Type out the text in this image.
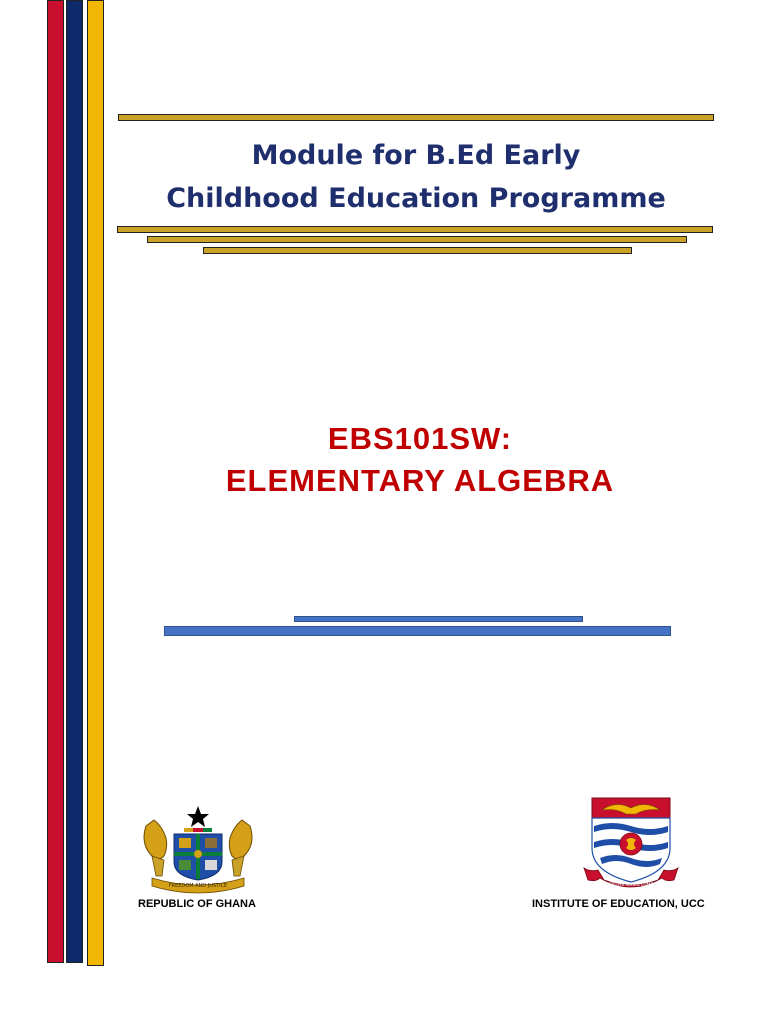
Module for B.Ed Early
Childhood Education Programme
EBS101SW:
ELEMENTARY ALGEBRA
FREEDOM AND JUSTICE	VERITAS NOBIS LUMEN
REPUBLIC OF GHANA	INSTITUTE OF EDUCATION, UCC
